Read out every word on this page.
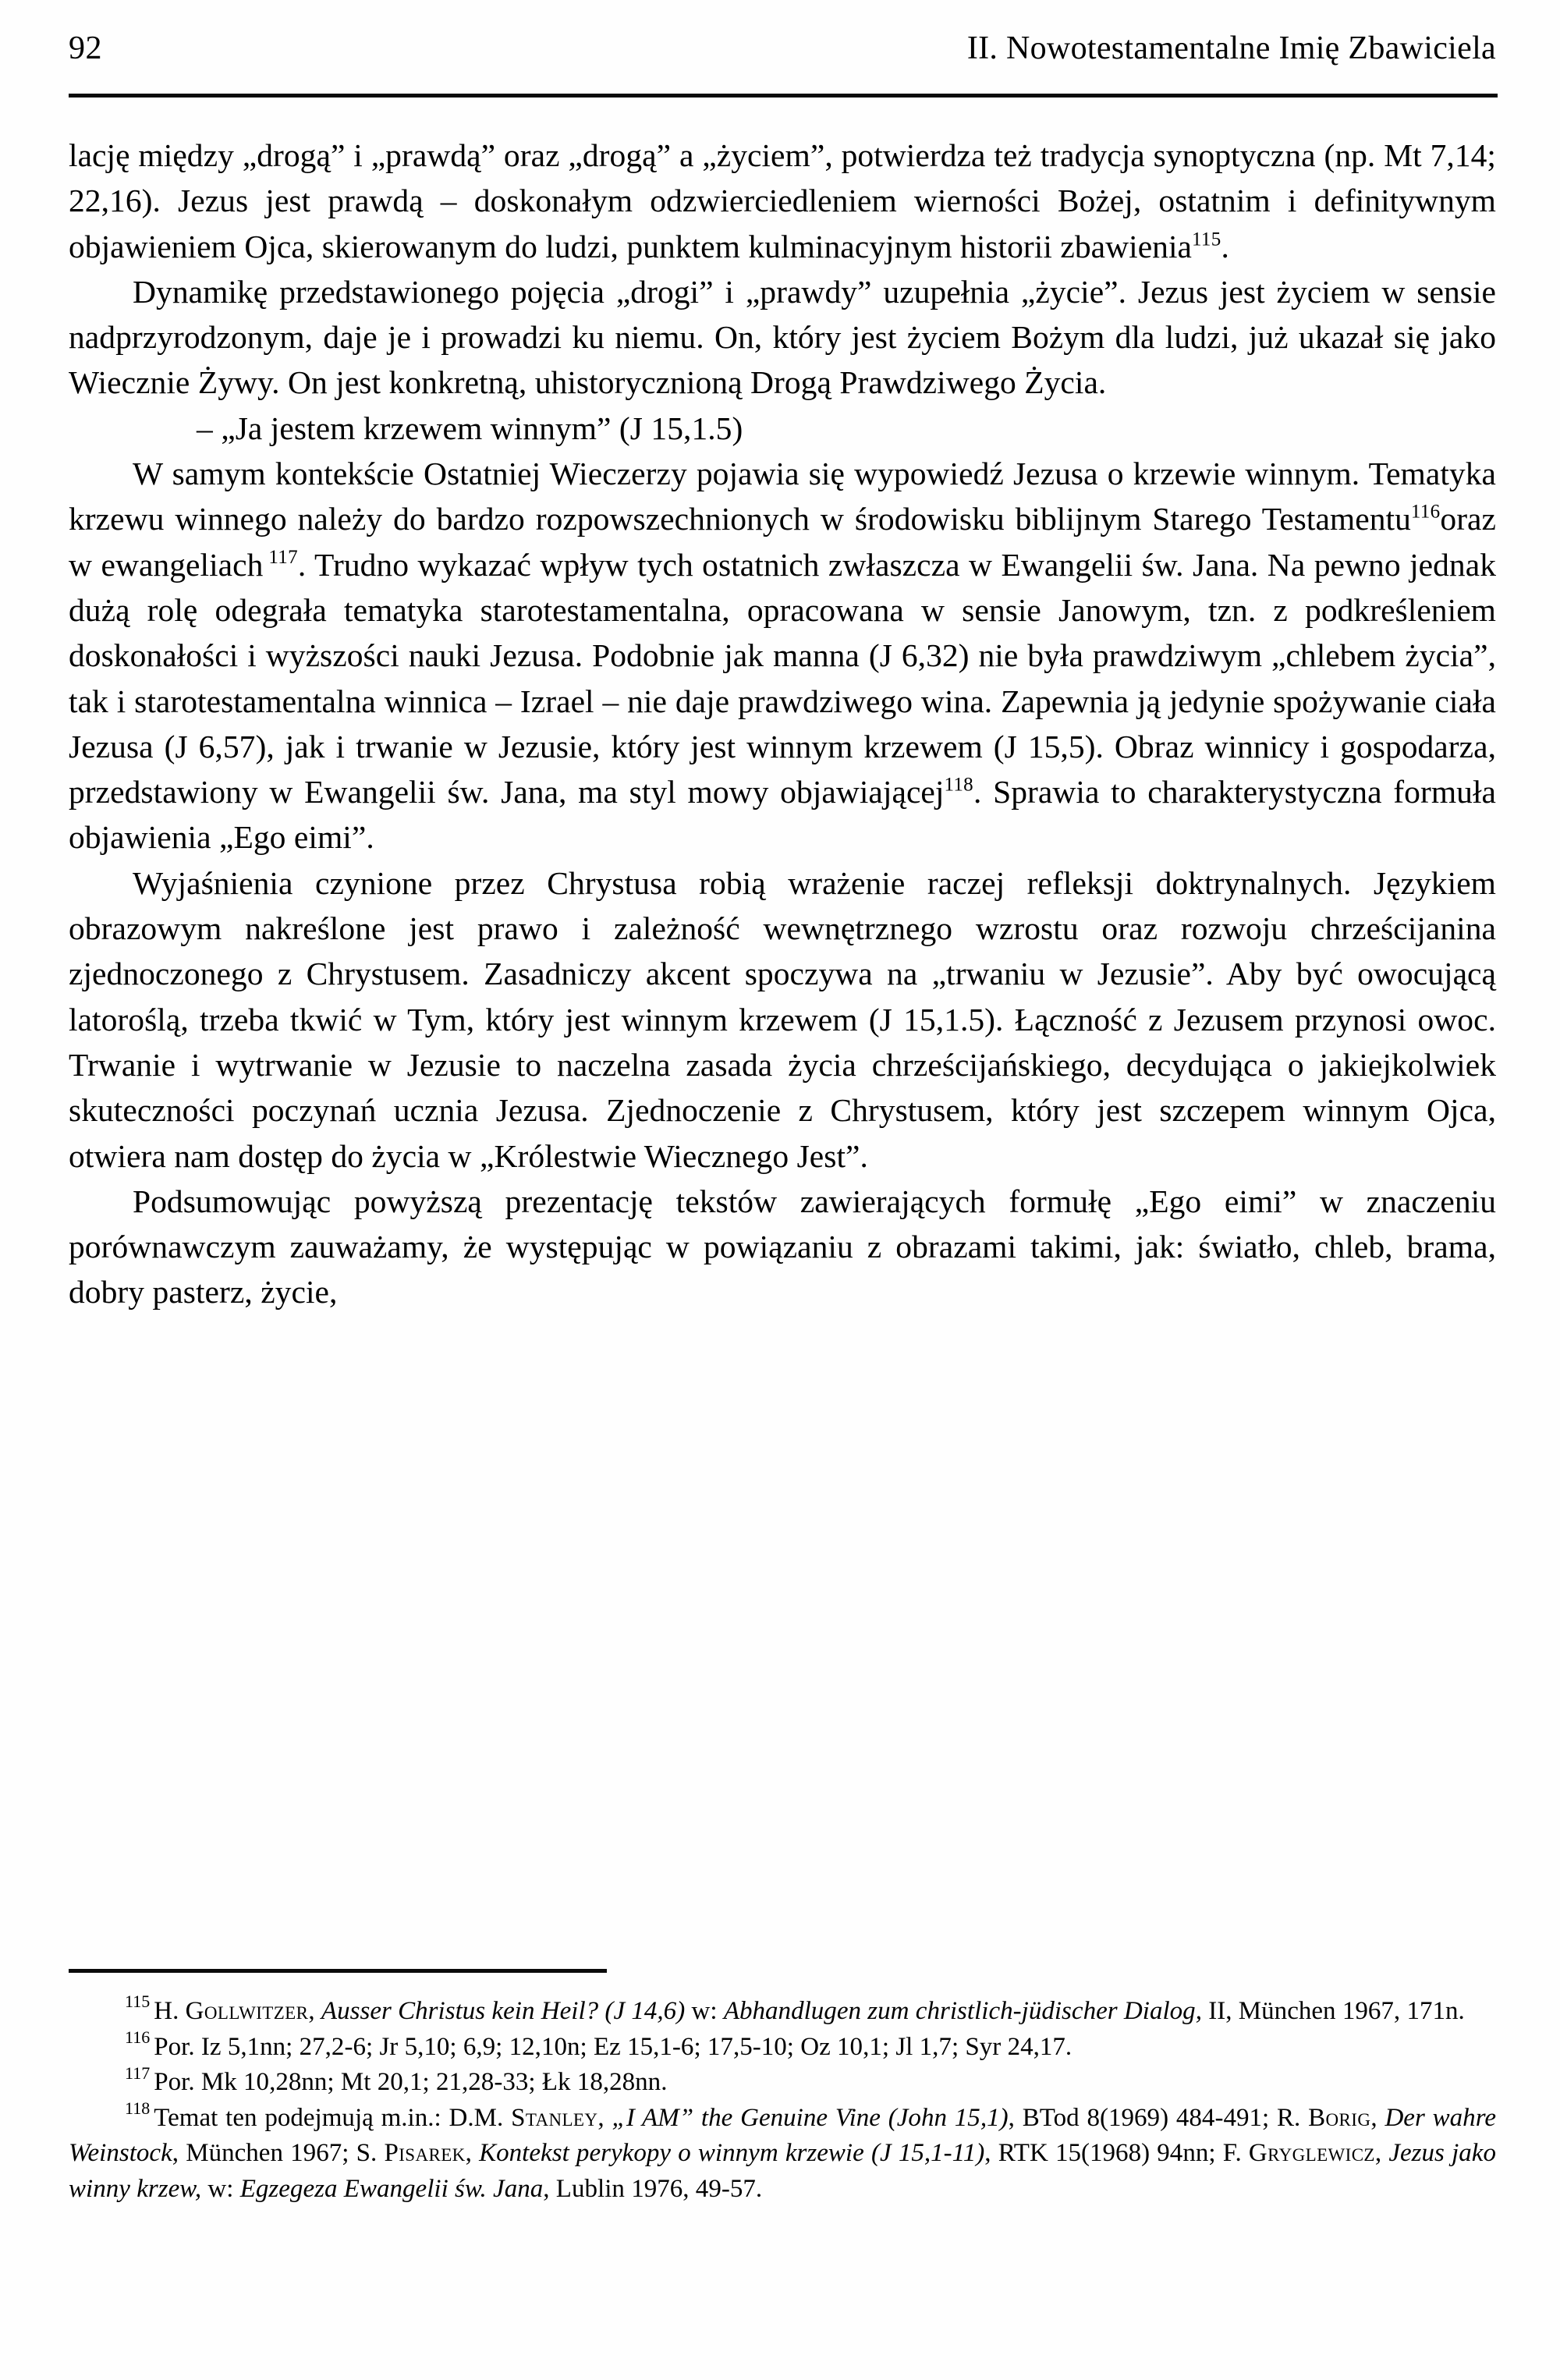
92	II. Nowotestamentalne Imię Zbawiciela

lację między „drogą” i „prawdą” oraz „drogą” a „życiem”, potwierdza też tradycja synoptyczna (np. Mt 7,14; 22,16). Jezus jest prawdą – doskonałym odzwierciedleniem wierności Bożej, ostatnim i definitywnym objawieniem Ojca, skierowanym do ludzi, punktem kulminacyjnym historii zbawienia$^{115}$.

Dynamikę przedstawionego pojęcia „drogi” i „prawdy” uzupełnia „życie”. Jezus jest życiem w sensie nadprzyrodzonym, daje je i prowadzi ku niemu. On, który jest życiem Bożym dla ludzi, już ukazał się jako Wiecznie Żywy. On jest konkretną, uhistorycznioną Drogą Prawdziwego Życia.

– „Ja jestem krzewem winnym” (J 15,1.5)

W samym kontekście Ostatniej Wieczerzy pojawia się wypowiedź Jezusa o krzewie winnym. Tematyka krzewu winnego należy do bardzo rozpowszechnionych w środowisku biblijnym Starego Testamentu$^{116}$oraz w ewangeliach $^{117}$. Trudno wykazać wpływ tych ostatnich zwłaszcza w Ewangelii św. Jana. Na pewno jednak dużą rolę odegrała tematyka starotestamentalna, opracowana w sensie Janowym, tzn. z podkreśleniem doskonałości i wyższości nauki Jezusa. Podobnie jak manna (J 6,32) nie była prawdziwym „chlebem życia”, tak i starotestamentalna winnica – Izrael – nie daje prawdziwego wina. Zapewnia ją jedynie spożywanie ciała Jezusa (J 6,57), jak i trwanie w Jezusie, który jest winnym krzewem (J 15,5). Obraz winnicy i gospodarza, przedstawiony w Ewangelii św. Jana, ma styl mowy objawiającej$^{118}$. Sprawia to charakterystyczna formuła objawienia „Ego eimi”.

Wyjaśnienia czynione przez Chrystusa robią wrażenie raczej refleksji doktrynalnych. Językiem obrazowym nakreślone jest prawo i zależność wewnętrznego wzrostu oraz rozwoju chrześcijanina zjednoczonego z Chrystusem. Zasadniczy akcent spoczywa na „trwaniu w Jezusie”. Aby być owocującą latoroślą, trzeba tkwić w Tym, który jest winnym krzewem (J 15,1.5). Łączność z Jezusem przynosi owoc. Trwanie i wytrwanie w Jezusie to naczelna zasada życia chrześcijańskiego, decydująca o jakiejkolwiek skuteczności poczynań ucznia Jezusa. Zjednoczenie z Chrystusem, który jest szczepem winnym Ojca, otwiera nam dostęp do życia w „Królestwie Wiecznego Jest”.

Podsumowując powyższą prezentację tekstów zawierających formułę „Ego eimi” w znaczeniu porównawczym zauważamy, że występując w powiązaniu z obrazami takimi, jak: światło, chleb, brama, dobry pasterz, życie,

$^{115}$ H. Gollwitzer, Ausser Christus kein Heil? (J 14,6) w: Abhandlugen zum christlich-jüdischer Dialog, II, München 1967, 171n.

$^{116}$ Por. Iz 5,1nn; 27,2-6; Jr 5,10; 6,9; 12,10n; Ez 15,1-6; 17,5-10; Oz 10,1; Jl 1,7; Syr 24,17.

$^{117}$ Por. Mk 10,28nn; Mt 20,1; 21,28-33; Łk 18,28nn.

$^{118}$ Temat ten podejmują m.in.: D.M. Stanley, „I AM” the Genuine Vine (John 15,1), BTod 8(1969) 484-491; R. Borig, Der wahre Weinstock, München 1967; S. Pisarek, Kontekst perykopy o winnym krzewie (J 15,1-11), RTK 15(1968) 94nn; F. Gryglewicz, Jezus jako winny krzew, w: Egzegeza Ewangelii św. Jana, Lublin 1976, 49-57.
